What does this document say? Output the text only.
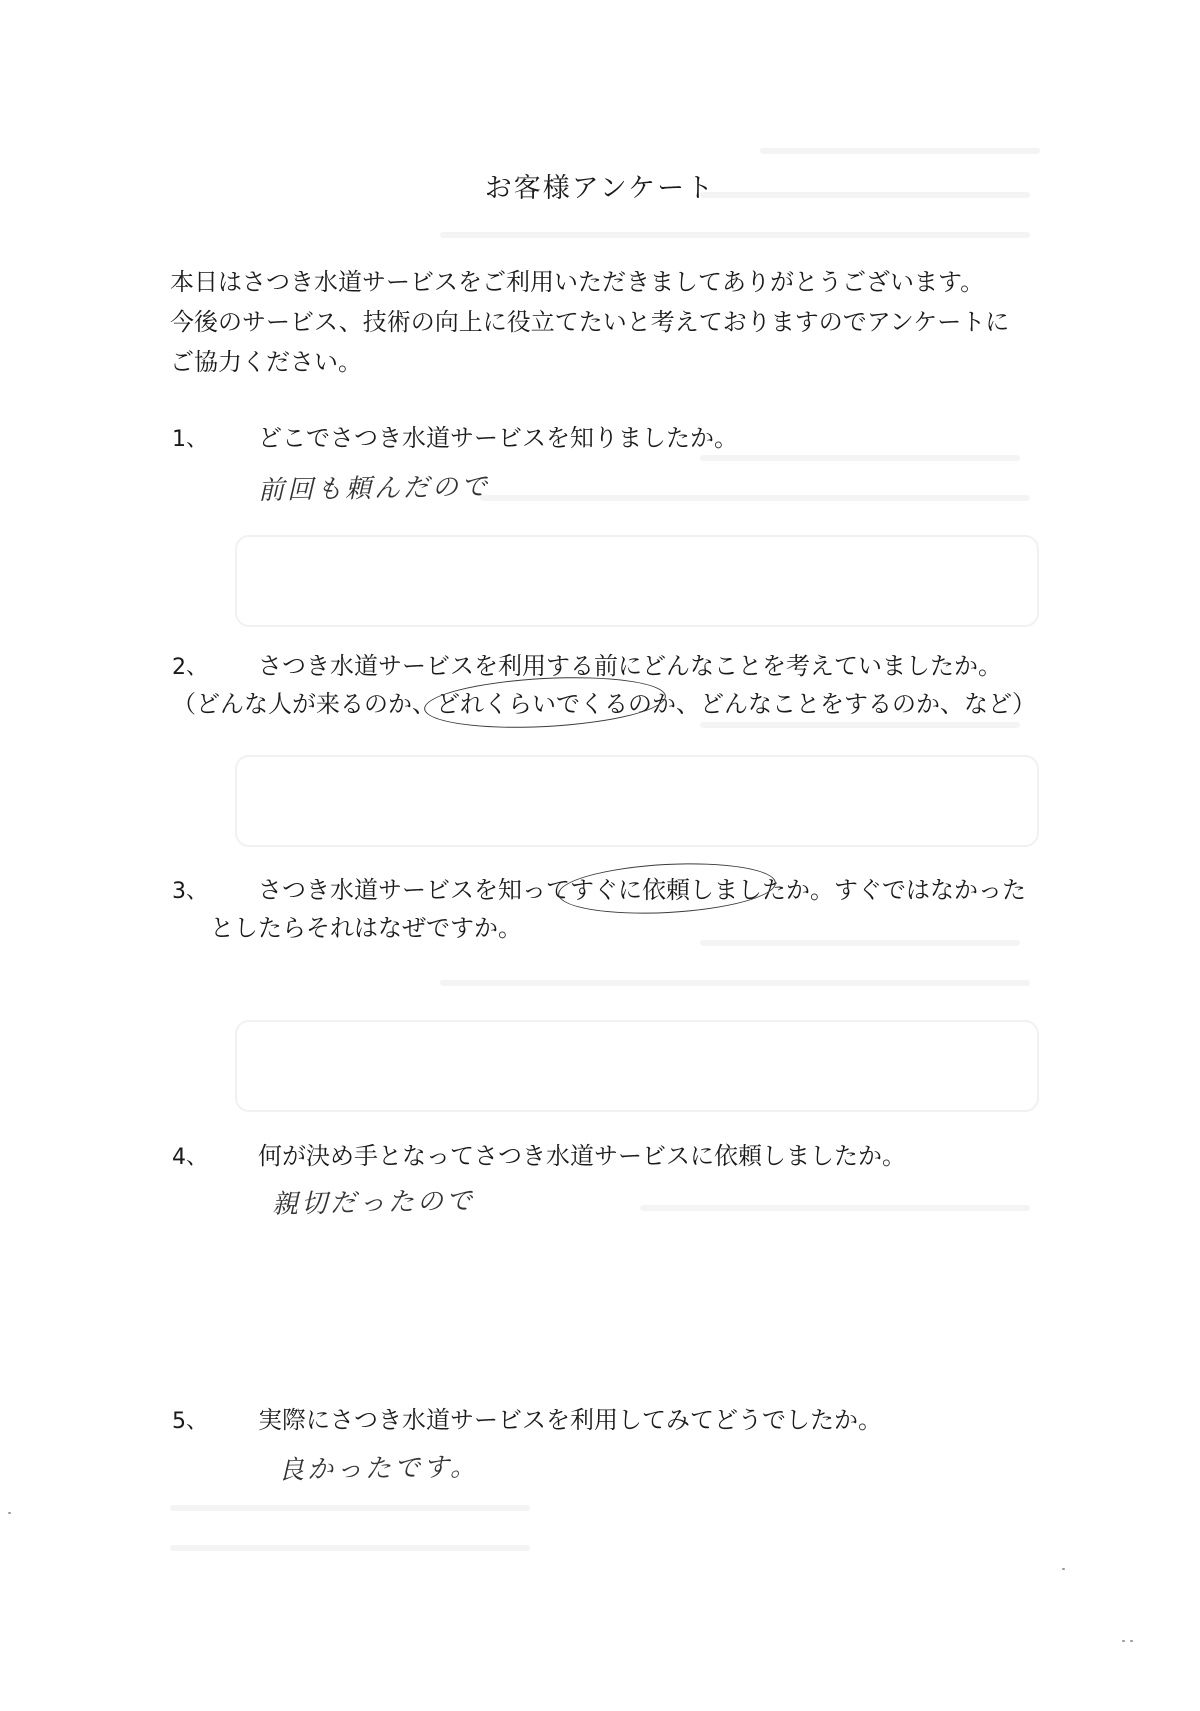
お客様アンケート

本日はさつき水道サービスをご利用いただきましてありがとうございます。

今後のサービス、技術の向上に役立てたいと考えておりますのでアンケートに

ご協力ください。

1、 どこでさつき水道サービスを知りましたか。
前回も頼んだので
2、 さつき水道サービスを利用する前にどんなことを考えていましたか。
（どんな人が来るのか、どれくらいでくるの
か、どんなことをするのか、など）
3、 さつき水道サービスを知ってすぐに依頼しまし
たか。すぐではなかった
としたらそれはなぜですか。
4、 何が決め手となってさつき水道サービスに依頼しましたか。
親切だったので
5、 実際にさつき水道サービスを利用してみてどうでしたか。
良かったです。
